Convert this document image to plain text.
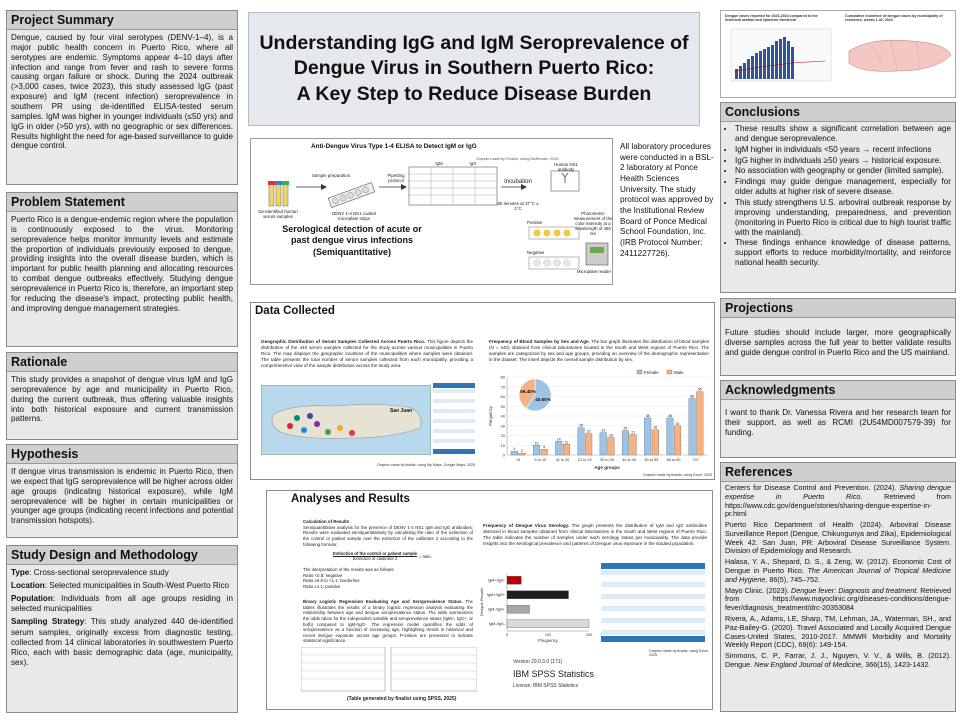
Project Summary

Dengue, caused by four viral serotypes (DENV-1–4), is a major public health concern in Puerto Rico, where all serotypes are endemic. Symptoms appear 4–10 days after infection and range from fever and rash to severe forms causing organ failure or shock. During the 2024 outbreak (>3,000 cases, twice 2023), this study assessed IgG (past exposure) and IgM (recent infection) seroprevalence in southern PR using de-identified ELISA-tested serum samples. IgM was higher in younger individuals (≤50 yrs) and IgG in older (>50 yrs), with no geographic or sex differences. Results highlight the need for age-based surveillance to guide dengue control.

Problem Statement

Puerto Rico is a dengue-endemic region where the population is continuously exposed to the virus. Monitoring seroprevalence helps monitor immunity levels and estimate the proportion of individuals previously exposed to dengue, providing insights into the overall disease burden, which is important for public health planning and allocating resources to combat dengue outbreaks effectively. Studying dengue seroprevalence in Puerto Rico is, therefore, an important step for reducing the disease's impact, protecting public health, and improving dengue management strategies.

Rationale

This study provides a snapshot of dengue virus IgM and IgG seroprevalence by age and municipality in Puerto Rico, during the current outbreak, thus offering valuable insights into both historical exposure and current transmission patterns.

Hypothesis

If dengue virus transmission is endemic in Puerto Rico, then we expect that IgG seroprevalence will be higher across older age groups (indicating historical exposure), while IgM seroprevalence will be higher in certain municipalities or younger age groups (indicating recent infections and potential transmission hotspots).

Study Design and Methodology
Type: Cross-sectional seroprevalence study
Location: Selected municipalities in South-West Puerto Rico
Population: Individuals from all age groups residing in selected municipalities
Sampling Strategy: This study analyzed 440 de-identified serum samples, originally excess from diagnostic testing, collected from 14 clinical laboratories in southwestern Puerto Rico, each with basic demographic data (age, municipality, sex).
Understanding IgG and IgM Seroprevalence of
Dengue Virus in Southern Puerto Rico:
A Key Step to Reduce Disease Burden
Anti-Dengue Virus Type 1-4 ELISA to Detect IgM or IgG
Graphic made by Finalist, using BioRender, 2025
Sample preparation	Pipetting protocol
IgM	IgG
De-identified human serum samples
DENV 1-4 NS1 coated microplate strips
Incubation
60 minutes at 37°C ± 1°C
Human NS1 antibody
Positive
Negative
Photometric measurement of the color intensity at a wavelength of 450 nm
Microplate reader
Serological detection of acute or past dengue virus infections (Semiquantitative)
All laboratory procedures were conducted in a BSL-2 laboratory at Ponce Health Sciences University. The study protocol was approved by the Institutional Review Board of Ponce Medical School Foundation, Inc. (IRB Protocol Number: 2411227726).
Data Collected
Geographic Distribution of Serum Samples Collected Across Puerto Rico. This figure depicts the distribution of the 440 serum samples collected for the study across various municipalities in Puerto Rico. The map displays the geographic locations of the municipalities where samples were obtained. The table presents the total number of serum samples collected from each municipality, providing a comprehensive view of the sample distribution across the study area.
San Juan
Graphic made by finalist, using My Maps, Google Maps, 2025
Frequency of Blood Samples by Sex and Age. The bar graph illustrates the distribution of blood samples (N = 440) obtained from clinical laboratories located in the South and West regions of Puerto Rico. The samples are categorized by sex and age groups, providing an overview of the demographic representation in the dataset. The insert depicts the overall sample distribution by sex.
0
10
20
30
40
50
60
70
80
4 2
<5
10
6
5 to 10
14
11
11 to 20
28
22
21 to 29
23
18
30 to 39
25
21
40 to 49
38
26
50 to 59
38
30
60 to 69
58
65
70+
Frequency
Age groups
Female	Male
59.40%
40.60%
Graphic made by finalist, using Excel, 2025
Analyses and Results
Calculation of Results
Semiquantitative analysis for the presence of DENV 1-4 NS1 IgM and IgG antibodies: Results were evaluated semiquantitatively by calculating the ratio of the extinction of the control or patient sample over the extinction of the calibrator 2 according to the following formula:
Extinction of the control or patient sample
Extinction of calibrator 2	= ratio
The interpretation of the results was as follows:
Ratio <0.8: negative
Ratio ≥0.8 to <1.1: borderline
Ratio ≥1.1: positive
Binary Logistic Regression Evaluating Age and Seroprevalence Status. The tables illustrates the results of a binary logistic regression analysis evaluating the relationship between age and dengue seroprevalence status. The table summarizes the odds ratios for the independent variable and seroprevalence status (IgM+, IgG+, or both) compared to IgM-/IgG-. The regression model quantifies the odds of seroprevalence as a function of increasing age, highlighting trends in historical and recent dengue exposure across age groups. P-values are presented to indicate statistical significance.
(Table generated by finalist using SPSS, 2025)
Frequency of Dengue Virus Serology. The graph presents the distribution of IgM and IgG antibodies detected in blood samples obtained from clinical laboratories in the South and West regions of Puerto Rico. The table indicates the number of samples under each serology status per municipality. The data provide insights into the serological prevalence and patterns of Dengue virus exposure in the studied population.
0	100	200
IgM+/IgG-
IgM+/IgG+
IgM-/IgG+
IgM-/IgG-
Frequency
Dengue Results
Graphic made by finalist, using Excel, 2025
Version 29.0.3.0 (171)
IBM SPSS Statistics
License: IBM SPSS Statistics
Dengue cases reported for 2023-2024 compared to the historical median and epidemic threshold
Cumulative incidence of dengue cases by municipality of residence, weeks 1-42, 2024
Conclusions
• These results show a significant correlation between age and dengue seroprevalence.
• IgM higher in individuals <50 years → recent infections
• IgG higher in individuals ≥50 years → historical exposure.
• No association with geography or gender (limited sample).
• Findings may guide dengue management, especially for older adults at higher risk of severe disease.
• This study strengthens U.S. arboviral outbreak response by improving understanding, preparedness, and prevention (monitoring in Puerto Rico is critical due to high tourist traffic with the mainland).
• These findings enhance knowledge of disease patterns, support efforts to reduce morbidity/mortality, and reinforce national health security.
Projections

Future studies should include larger, more geographically diverse samples across the full year to better validate results and guide dengue control in Puerto Rico and the US mainland.

Acknowledgments

I want to thank Dr. Vanessa Rivera and her research team for their support, as well as RCMI (2U54MD007579-39) for funding.

References

Centers for Disease Control and Prevention. (2024). Sharing dengue expertise in Puerto Rico. Retrieved from https://www.cdc.gov/dengue/stories/sharing-dengue-expertise-in- pr.html

Puerto Rico Department of Health (2024). Arboviral Disease Surveillance Report (Dengue, Chikungunya and Zika), Epidemiological Week 42. San Juan, PR: Arboviral Disease Surveillance System. Division of Epidemiology and Research.

Halasa, Y. A., Shepard, D. S., & Zeng, W. (2012). Economic Cost of Dengue in Puerto Rico. The American Journal of Tropical Medicine and Hygiene, 86(5), 745–752.

Mayo Clinic. (2023). Dengue fever: Diagnosis and treatment. Retrieved from https://www.mayoclinic.org/diseases-conditions/dengue-fever/diagnosis_treatment/drc-20353084

Rivera, A., Adams, LE, Sharp, TM, Lehman, JA., Waterman, SH., and Paz-Bailey-G. (2020). Travel Associated and Locally Acquired Dengue Cases-United States, 2010-2017. MMWR Morbidity and Mortality Weekly Report (CDC), 69(6): 149-154.

Simmons, C. P., Farrar, J. J., Nguyen, V. V., & Wills, B. (2012). Dengue. New England Journal of Medicine, 366(15), 1423-1432.
